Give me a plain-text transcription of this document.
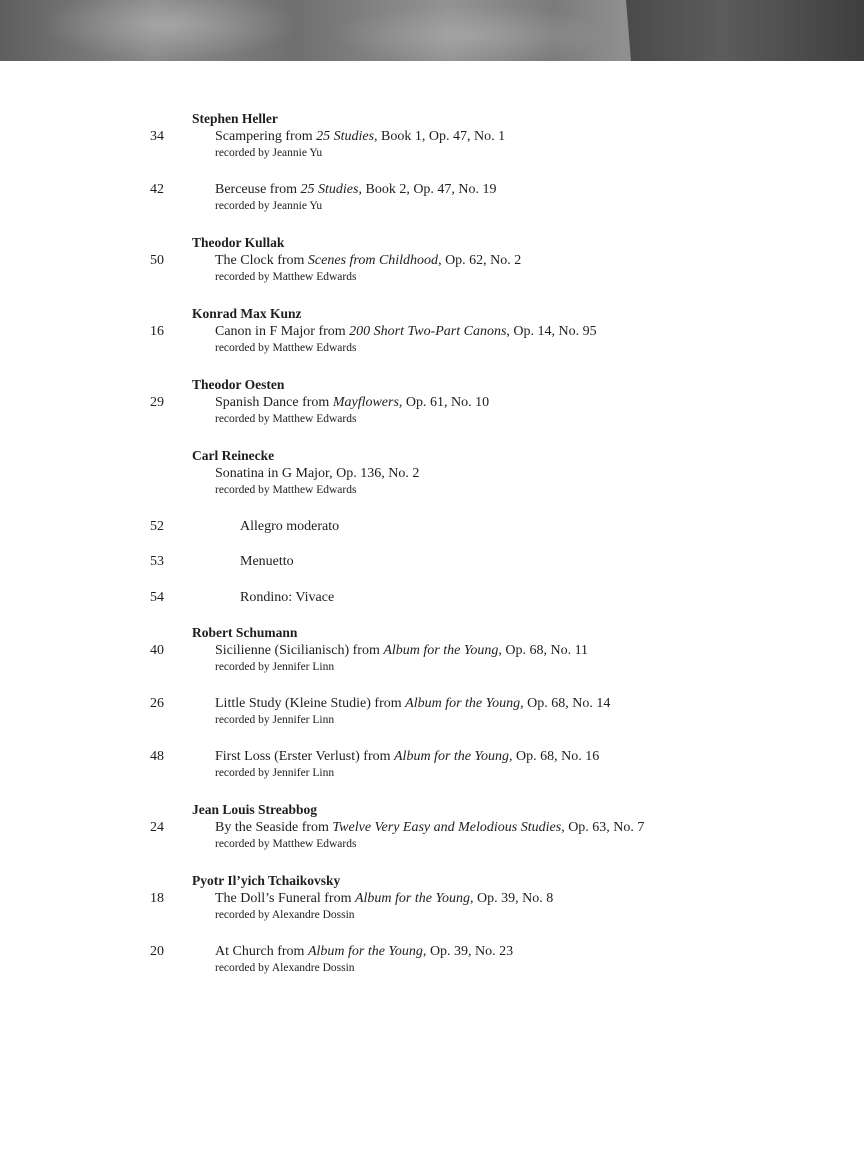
Stephen Heller
34	Scampering from 25 Studies, Book 1, Op. 47, No. 1
recorded by Jeannie Yu
42	Berceuse from 25 Studies, Book 2, Op. 47, No. 19
recorded by Jeannie Yu
Theodor Kullak
50	The Clock from Scenes from Childhood, Op. 62, No. 2
recorded by Matthew Edwards
Konrad Max Kunz
16	Canon in F Major from 200 Short Two-Part Canons, Op. 14, No. 95
recorded by Matthew Edwards
Theodor Oesten
29	Spanish Dance from Mayflowers, Op. 61, No. 10
recorded by Matthew Edwards
Carl Reinecke
Sonatina in G Major, Op. 136, No. 2
recorded by Matthew Edwards
52	Allegro moderato
53	Menuetto
54	Rondino: Vivace
Robert Schumann
40	Sicilienne (Sicilianisch) from Album for the Young, Op. 68, No. 11
recorded by Jennifer Linn
26	Little Study (Kleine Studie) from Album for the Young, Op. 68, No. 14
recorded by Jennifer Linn
48	First Loss (Erster Verlust) from Album for the Young, Op. 68, No. 16
recorded by Jennifer Linn
Jean Louis Streabbog
24	By the Seaside from Twelve Very Easy and Melodious Studies, Op. 63, No. 7
recorded by Matthew Edwards
Pyotr Il’yich Tchaikovsky
18	The Doll’s Funeral from Album for the Young, Op. 39, No. 8
recorded by Alexandre Dossin
20	At Church from Album for the Young, Op. 39, No. 23
recorded by Alexandre Dossin
